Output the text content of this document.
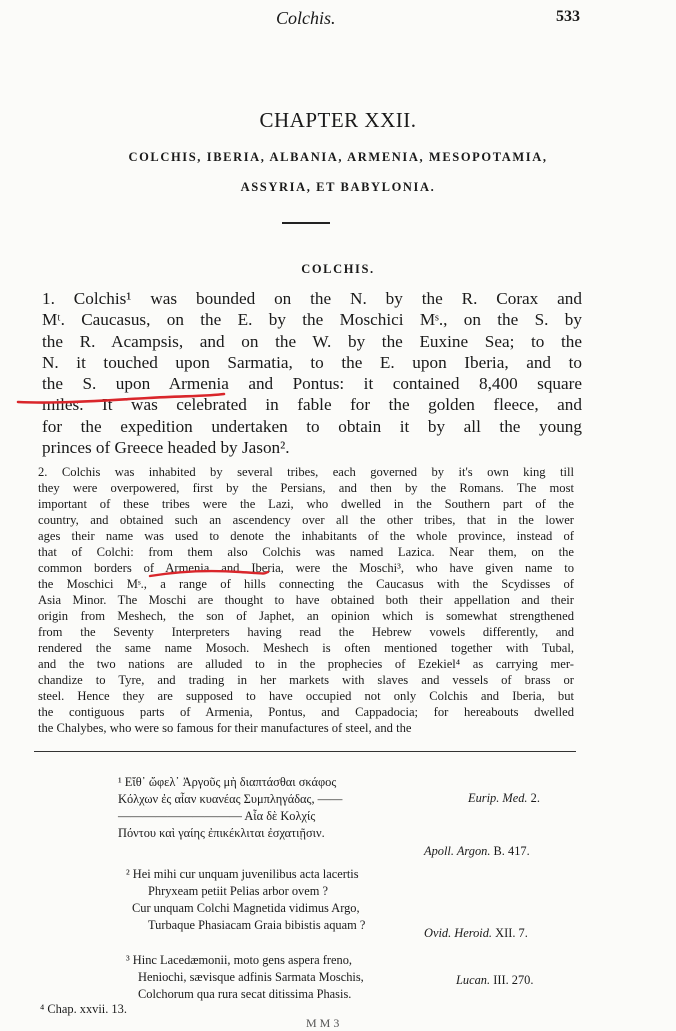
Colchis.	533
CHAPTER XXII.
COLCHIS, IBERIA, ALBANIA, ARMENIA, MESOPOTAMIA,
ASSYRIA, ET BABYLONIA.
COLCHIS.
1. Colchis¹ was bounded on the N. by the R. Corax and
Mᵗ. Caucasus, on the E. by the Moschici Mˢ., on the S. by
the R. Acampsis, and on the W. by the Euxine Sea; to the
N. it touched upon Sarmatia, to the E. upon Iberia, and to
the S. upon Armenia and Pontus: it contained 8,400 square
miles. It was celebrated in fable for the golden fleece, and
for the expedition undertaken to obtain it by all the young
princes of Greece headed by Jason².
2. Colchis was inhabited by several tribes, each governed by it's own king till
they were overpowered, first by the Persians, and then by the Romans. The most
important of these tribes were the Lazi, who dwelled in the Southern part of the
country, and obtained such an ascendency over all the other tribes, that in the lower
ages their name was used to denote the inhabitants of the whole province, instead of
that of Colchi: from them also Colchis was named Lazica. Near them, on the
common borders of Armenia and Iberia, were the Moschi³, who have given name to
the Moschici Mˢ., a range of hills connecting the Caucasus with the Scydisses of
Asia Minor. The Moschi are thought to have obtained both their appellation and their
origin from Meshech, the son of Japhet, an opinion which is somewhat strengthened
from the Seventy Interpreters having read the Hebrew vowels differently, and
rendered the same name Mosoch. Meshech is often mentioned together with Tubal,
and the two nations are alluded to in the prophecies of Ezekiel⁴ as carrying mer-
chandize to Tyre, and trading in her markets with slaves and vessels of brass or
steel. Hence they are supposed to have occupied not only Colchis and Iberia, but
the contiguous parts of Armenia, Pontus, and Cappadocia; for hereabouts dwelled
the Chalybes, who were so famous for their manufactures of steel, and the
¹ Εἴθ᾽ ὤφελ᾽ Ἀργοῦς μὴ διαπτάσθαι σκάφος
Κόλχων ἐς αἶαν κυανέας Συμπληγάδας, ——
—————————— Αἶα δὲ Κολχίς
Πόντου καὶ γαίης ἐπικέκλιται ἐσχατιῇσιν.
Eurip. Med. 2.
Apoll. Argon. B. 417.
² Hei mihi cur unquam juvenilibus acta lacertis
Phryxeam petiit Pelias arbor ovem ?
Cur unquam Colchi Magnetida vidimus Argo,
Turbaque Phasiacam Graia bibistis aquam ?
Ovid. Heroid. XII. 7.
³ Hinc Lacedæmonii, moto gens aspera freno,
Heniochi, sævisque adfinis Sarmata Moschis,
Colchorum qua rura secat ditissima Phasis.
Lucan. III. 270.
⁴ Chap. xxvii. 13.
M M 3
